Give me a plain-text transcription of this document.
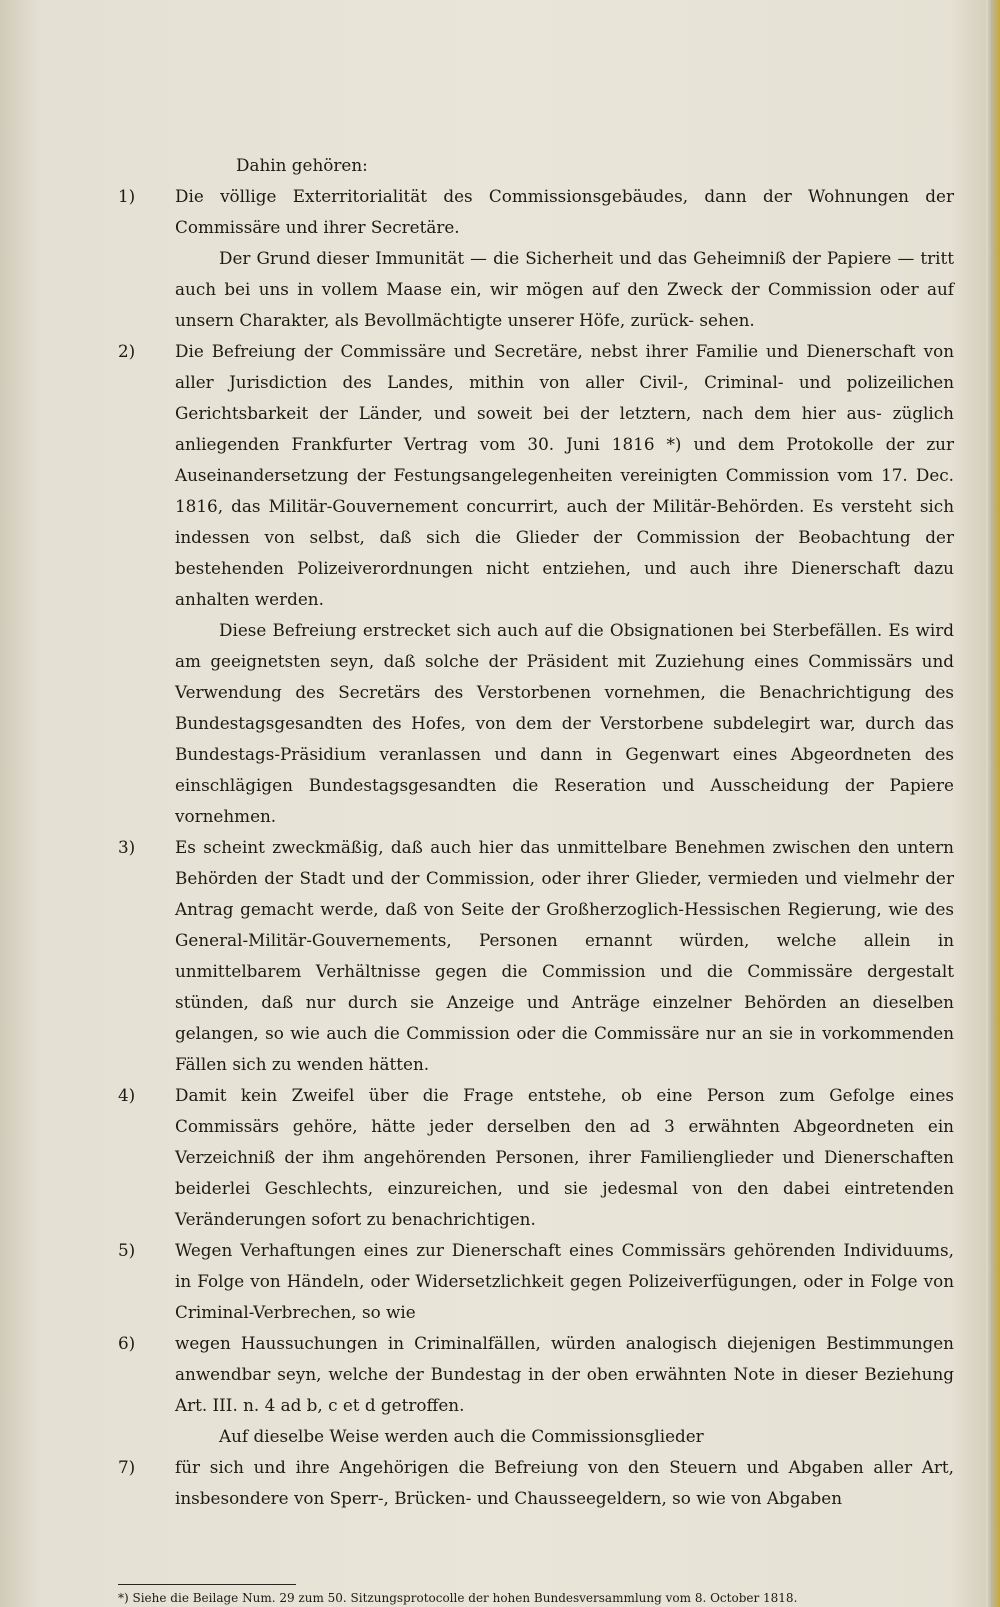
Dahin gehören:

1)	Die völlige Exterritorialität des Commissionsgebäudes, dann der Wohnungen der Commissäre und ihrer Secretäre.

Der Grund dieser Immunität — die Sicherheit und das Geheimniß der Papiere — tritt auch bei uns in vollem Maase ein, wir mögen auf den Zweck der Commission oder auf unsern Charakter, als Bevollmächtigte unserer Höfe, zurück- sehen.

2)	Die Befreiung der Commissäre und Secretäre, nebst ihrer Familie und Dienerschaft von aller Jurisdiction des Landes, mithin von aller Civil-, Criminal- und polizeilichen Gerichtsbarkeit der Länder, und soweit bei der letztern, nach dem hier aus- züglich anliegenden Frankfurter Vertrag vom 30. Juni 1816 *) und dem Protokolle der zur Auseinandersetzung der Festungsangelegenheiten vereinigten Commission vom 17. Dec. 1816, das Militär-Gouvernement concurrirt, auch der Militär-Behörden. Es versteht sich indessen von selbst, daß sich die Glieder der Commission der Beobachtung der bestehenden Polizeiverordnungen nicht entziehen, und auch ihre Dienerschaft dazu anhalten werden.

Diese Befreiung erstrecket sich auch auf die Obsignationen bei Sterbefällen. Es wird am geeignetsten seyn, daß solche der Präsident mit Zuziehung eines Commissärs und Verwendung des Secretärs des Verstorbenen vornehmen, die Benachrichtigung des Bundestagsgesandten des Hofes, von dem der Verstorbene subdelegirt war, durch das Bundestags-Präsidium veranlassen und dann in Gegenwart eines Abgeordneten des einschlägigen Bundestagsgesandten die Reseration und Ausscheidung der Papiere vornehmen.

3)	Es scheint zweckmäßig, daß auch hier das unmittelbare Benehmen zwischen den untern Behörden der Stadt und der Commission, oder ihrer Glieder, vermieden und vielmehr der Antrag gemacht werde, daß von Seite der Großherzoglich-Hessischen Regierung, wie des General-Militär-Gouvernements, Personen ernannt würden, welche allein in unmittelbarem Verhältnisse gegen die Commission und die Commissäre dergestalt stünden, daß nur durch sie Anzeige und Anträge einzelner Behörden an dieselben gelangen, so wie auch die Commission oder die Commissäre nur an sie in vorkommenden Fällen sich zu wenden hätten.

4)	Damit kein Zweifel über die Frage entstehe, ob eine Person zum Gefolge eines Commissärs gehöre, hätte jeder derselben den ad 3 erwähnten Abgeordneten ein Verzeichniß der ihm angehörenden Personen, ihrer Familienglieder und Dienerschaften beiderlei Geschlechts, einzureichen, und sie jedesmal von den dabei eintretenden Veränderungen sofort zu benachrichtigen.

5)	Wegen Verhaftungen eines zur Dienerschaft eines Commissärs gehörenden Individuums, in Folge von Händeln, oder Widersetzlichkeit gegen Polizeiverfügungen, oder in Folge von Criminal-Verbrechen, so wie

6)	wegen Haussuchungen in Criminalfällen, würden analogisch diejenigen Bestimmungen anwendbar seyn, welche der Bundestag in der oben erwähnten Note in dieser Beziehung Art. III. n. 4 ad b, c et d getroffen.

Auf dieselbe Weise werden auch die Commissionsglieder

7)	für sich und ihre Angehörigen die Befreiung von den Steuern und Abgaben aller Art, insbesondere von Sperr-, Brücken- und Chausseegeldern, so wie von Abgaben

*) Siehe die Beilage Num. 29 zum 50. Sitzungsprotocolle der hohen Bundesversammlung vom 8. October 1818.
